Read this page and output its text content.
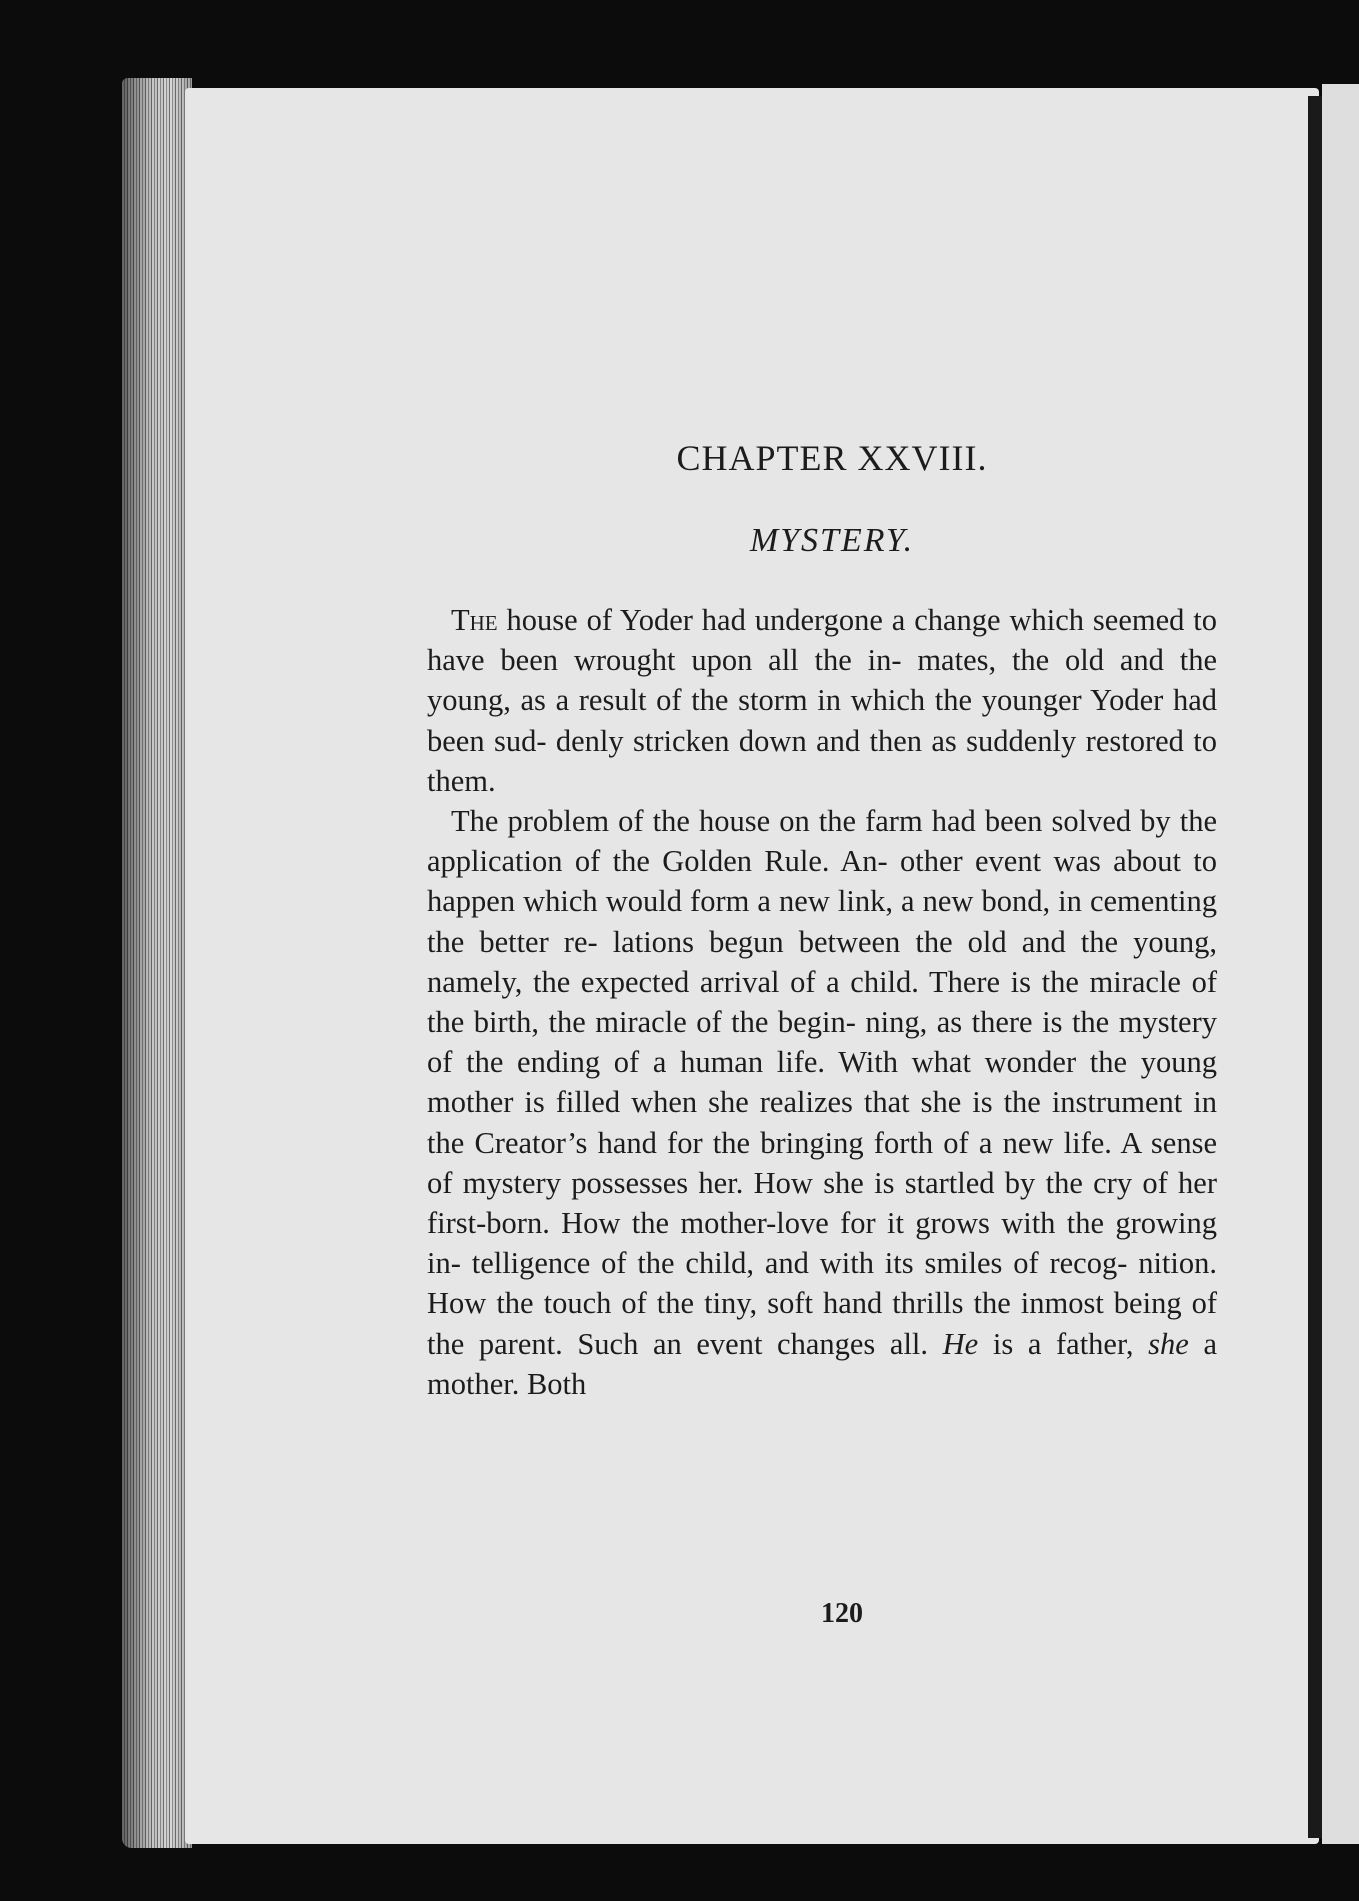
CHAPTER XXVIII.
MYSTERY.

The house of Yoder had undergone a change which seemed to have been wrought upon all the in- mates, the old and the young, as a result of the storm in which the younger Yoder had been sud- denly stricken down and then as suddenly restored to them.

The problem of the house on the farm had been solved by the application of the Golden Rule. An- other event was about to happen which would form a new link, a new bond, in cementing the better re- lations begun between the old and the young, namely, the expected arrival of a child. There is the miracle of the birth, the miracle of the begin- ning, as there is the mystery of the ending of a human life. With what wonder the young mother is filled when she realizes that she is the instrument in the Creator’s hand for the bringing forth of a new life. A sense of mystery possesses her. How she is startled by the cry of her first-born. How the mother-love for it grows with the growing in- telligence of the child, and with its smiles of recog- nition. How the touch of the tiny, soft hand thrills the inmost being of the parent. Such an event changes all. He is a father, she a mother. Both

120
